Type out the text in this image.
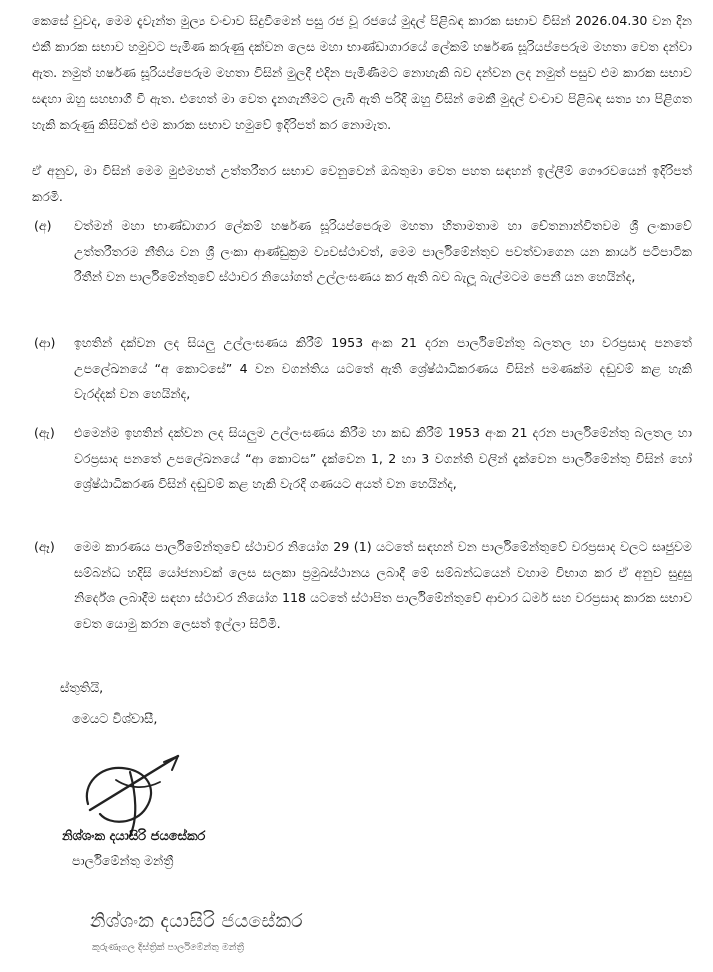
කෙසේ වුවද, මෙම දැවැන්ත මුල්‍ය වංචාව සිදුවීමෙන් පසු රජ වූ රජයේ මුදල් පිළිබඳ කාරක සභාව විසින් 2026.04.30 වන දින එකී කාරක සභාව හමුවට පැමිණ කරුණු දක්වන ලෙස මහා භාණ්ඩාගාරයේ ලේකම් හර්ෂණ සූරියප්පෙරුම මහතා වෙත දන්වා ඇත. නමුත් හර්ෂණ සූරියප්පෙරුම මහතා විසින් මුලදී එදින පැමිණීමට නොහැකි බව දන්වන ලද නමුත් පසුව එම කාරක සභාව සඳහා ඔහු සහභාගී වී ඇත. එහෙත් මා වෙත දැනගැනීමට ලැබී ඇති පරිදි ඔහු විසින් මෙකී මුදල් වංචාව පිළිබඳ සත්‍ය හා පිළිගත හැකි කරුණු කිසිවක් එම කාරක සභාව හමුවේ ඉදිරිපත් කර නොමැත.

ඒ අනුව, මා විසින් මෙම මුළුමහත් උත්තරීතර සභාව වෙනුවෙන් ඔබතුමා වෙත පහත සඳහන් ඉල්ලීම් ගෞරවයෙන් ඉදිරිපත් කරමි.

(අ) වත්මන් මහා භාණ්ඩාගාර ලේකම් හර්ෂණ සූරියප්පෙරුම මහතා හිතාමතාම හා චේතනාන්විතවම ශ්‍රී ලංකාවේ උත්තරීතරම නීතිය වන ශ්‍රී ලංකා ආණ්ඩුක්‍රම ව්‍යවස්ථාවත්, මෙම පාර්ලිමේන්තුව පවත්වාගෙන යන කාර්ය පටිපාටික රීතීන් වන පාර්ලිමේන්තුවේ ස්ථාවර නියෝගත් උල්ලංඝණය කර ඇති බව බැලූ බැල්මටම පෙනී යන හෙයින්ද,

(ආ) ඉහතින් දක්වන ලද සියලු උල්ලංඝණය කිරීම් 1953 අංක 21 දරන පාර්ලිමේන්තු බලතල හා වරප්‍රසාද පනතේ උපලේඛනයේ “අ කොටසේ” 4 වන වගන්තිය යටතේ ඇති ශ්‍රේෂ්ඨාධිකරණය විසින් පමණක්ම දඬුවම් කළ හැකි වැරද්දක් වන හෙයින්ද,

(ඇ) එමෙන්ම ඉහතින් දක්වන ලද සියලුම උල්ලංඝණය කිරීම හා කඩ කිරීම් 1953 අංක 21 දරන පාර්ලිමේන්තු බලතල හා වරප්‍රසාද පනතේ උපලේඛනයේ “ආ කොටස” දැක්වෙන 1, 2 හා 3 වගන්ති වලින් දැක්වෙන පාර්ලිමේන්තු විසින් හෝ ශ්‍රේෂ්ඨාධිකරණ විසින් දඬුවම් කළ හැකි වැරදි ගණයට අයත් වන හෙයින්ද,

(ඈ) මෙම කාරණය පාර්ලිමේන්තුවේ ස්ථාවර නියෝග 29 (1) යටතේ සඳහන් වන පාර්ලිමේන්තුවේ වරප්‍රසාද වලට සෘජුවම සම්බන්ධ හදිසි යෝජනාවක් ලෙස සලකා ප්‍රමුඛස්ථානය ලබාදී මේ සම්බන්ධයෙන් වහාම විභාග කර ඒ අනුව සුදුසු නිර්දේශ ලබාදීම සඳහා ස්ථාවර නියෝග 118 යටතේ ස්ථාපිත පාර්ලිමේන්තුවේ ආචාර ධර්ම සහ වරප්‍රසාද කාරක සභාව වෙත යොමු කරන ලෙසත් ඉල්ලා සිටිමි.

ස්තුතියි,
මෙයට විශ්වාසී,
නිශ්ශංක දයාසිරි ජයසේකර
පාර්ලිමේන්තු මන්ත්‍රී
නිශ්ශංක දයාසිරි ජයසේකර
කුරුණෑගල දිස්ත්‍රික් පාර්ලිමේන්තු මන්ත්‍රී
